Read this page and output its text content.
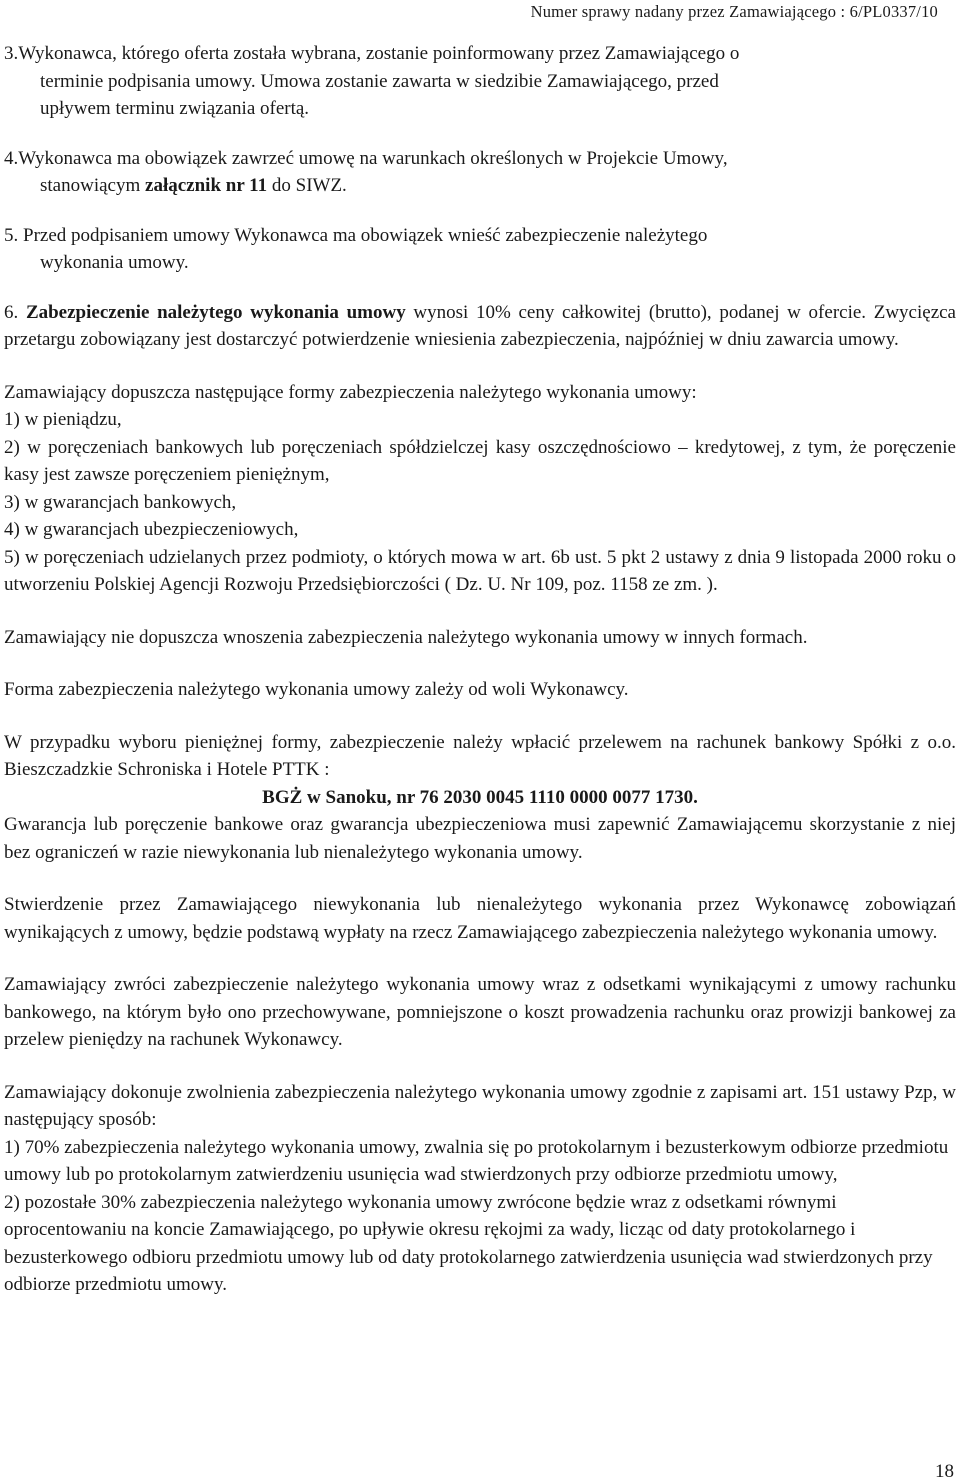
Numer sprawy nadany przez Zamawiającego : 6/PL0337/10

3.Wykonawca, którego oferta została wybrana, zostanie poinformowany przez Zamawiającego o

terminie podpisania umowy. Umowa zostanie zawarta w siedzibie Zamawiającego, przed

upływem terminu związania ofertą.

4.Wykonawca ma obowiązek zawrzeć umowę na warunkach określonych w Projekcie Umowy,

stanowiącym załącznik nr 11 do SIWZ.

5. Przed podpisaniem umowy Wykonawca ma obowiązek wnieść zabezpieczenie należytego

wykonania umowy.

6. Zabezpieczenie należytego wykonania umowy wynosi 10% ceny całkowitej (brutto), podanej w ofercie. Zwycięzca przetargu zobowiązany jest dostarczyć potwierdzenie wniesienia zabezpieczenia, najpóźniej w dniu zawarcia umowy.

Zamawiający dopuszcza następujące formy zabezpieczenia należytego wykonania umowy:

1) w pieniądzu,

2) w poręczeniach bankowych lub poręczeniach spółdzielczej kasy oszczędnościowo – kredytowej, z tym, że poręczenie kasy jest zawsze poręczeniem pieniężnym,

3) w gwarancjach bankowych,

4) w gwarancjach ubezpieczeniowych,

5) w poręczeniach udzielanych przez podmioty, o których mowa w art. 6b ust. 5 pkt 2 ustawy z dnia 9 listopada 2000 roku o utworzeniu Polskiej Agencji Rozwoju Przedsiębiorczości ( Dz. U. Nr 109, poz. 1158 ze zm. ).

Zamawiający nie dopuszcza wnoszenia zabezpieczenia należytego wykonania umowy w innych formach.

Forma zabezpieczenia należytego wykonania umowy zależy od woli Wykonawcy.

W przypadku wyboru pieniężnej formy, zabezpieczenie należy wpłacić przelewem na rachunek bankowy Spółki z o.o. Bieszczadzkie Schroniska i Hotele PTTK :

BGŻ w Sanoku, nr 76 2030 0045 1110 0000 0077 1730.

Gwarancja lub poręczenie bankowe oraz gwarancja ubezpieczeniowa musi zapewnić Zamawiającemu skorzystanie z niej bez ograniczeń w razie niewykonania lub nienależytego wykonania umowy.

Stwierdzenie przez Zamawiającego niewykonania lub nienależytego wykonania przez Wykonawcę zobowiązań wynikających z umowy, będzie podstawą wypłaty na rzecz Zamawiającego zabezpieczenia należytego wykonania umowy.

Zamawiający zwróci zabezpieczenie należytego wykonania umowy wraz z odsetkami wynikającymi z umowy rachunku bankowego, na którym było ono przechowywane, pomniejszone o koszt prowadzenia rachunku oraz prowizji bankowej za przelew pieniędzy na rachunek Wykonawcy.

Zamawiający dokonuje zwolnienia zabezpieczenia należytego wykonania umowy zgodnie z zapisami art. 151 ustawy Pzp, w następujący sposób:

1) 70% zabezpieczenia należytego wykonania umowy, zwalnia się po protokolarnym i bezusterkowym odbiorze przedmiotu umowy lub po protokolarnym zatwierdzeniu usunięcia wad stwierdzonych przy odbiorze przedmiotu umowy,

2) pozostałe 30% zabezpieczenia należytego wykonania umowy zwrócone będzie wraz z odsetkami równymi oprocentowaniu na koncie Zamawiającego, po upływie okresu rękojmi za wady, licząc od daty protokolarnego i bezusterkowego odbioru przedmiotu umowy lub od daty protokolarnego zatwierdzenia usunięcia wad stwierdzonych przy odbiorze przedmiotu umowy.

18
